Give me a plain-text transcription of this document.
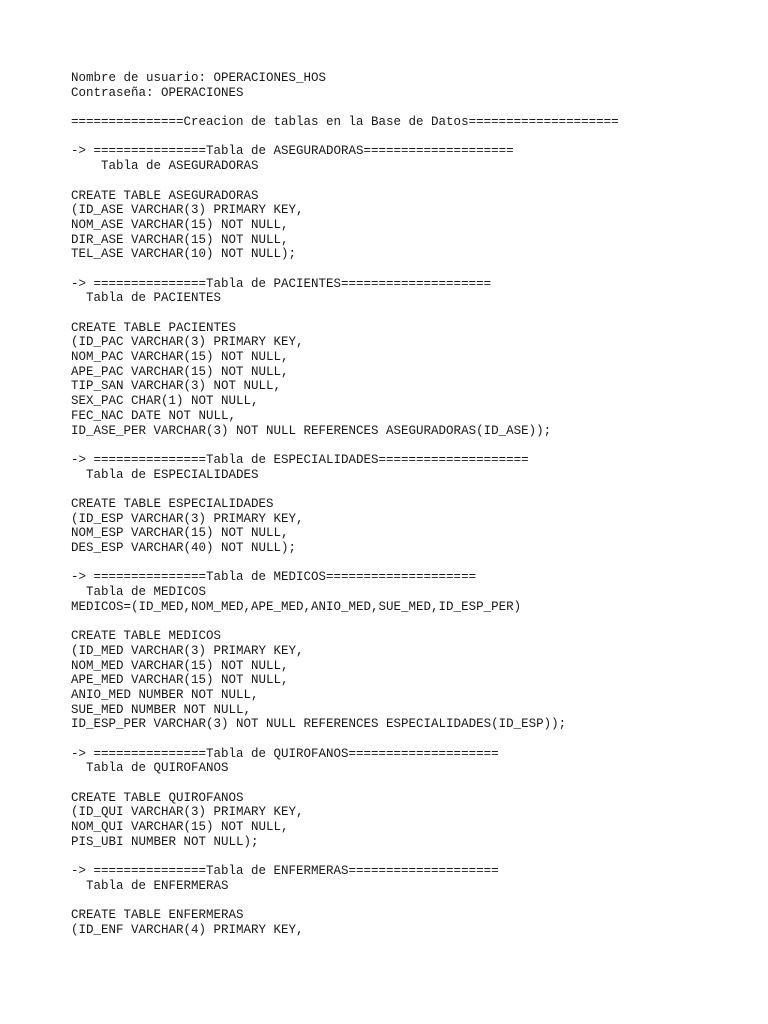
Nombre de usuario: OPERACIONES_HOS
Contraseña: OPERACIONES
===============Creacion de tablas en la Base de Datos====================
-> ===============Tabla de ASEGURADORAS====================
Tabla de ASEGURADORAS
CREATE TABLE ASEGURADORAS
(ID_ASE VARCHAR(3) PRIMARY KEY,
NOM_ASE VARCHAR(15) NOT NULL,
DIR_ASE VARCHAR(15) NOT NULL,
TEL_ASE VARCHAR(10) NOT NULL);
-> ===============Tabla de PACIENTES====================
Tabla de PACIENTES
CREATE TABLE PACIENTES
(ID_PAC VARCHAR(3) PRIMARY KEY,
NOM_PAC VARCHAR(15) NOT NULL,
APE_PAC VARCHAR(15) NOT NULL,
TIP_SAN VARCHAR(3) NOT NULL,
SEX_PAC CHAR(1) NOT NULL,
FEC_NAC DATE NOT NULL,
ID_ASE_PER VARCHAR(3) NOT NULL REFERENCES ASEGURADORAS(ID_ASE));
-> ===============Tabla de ESPECIALIDADES====================
Tabla de ESPECIALIDADES
CREATE TABLE ESPECIALIDADES
(ID_ESP VARCHAR(3) PRIMARY KEY,
NOM_ESP VARCHAR(15) NOT NULL,
DES_ESP VARCHAR(40) NOT NULL);
-> ===============Tabla de MEDICOS====================
Tabla de MEDICOS
MEDICOS=(ID_MED,NOM_MED,APE_MED,ANIO_MED,SUE_MED,ID_ESP_PER)
CREATE TABLE MEDICOS
(ID_MED VARCHAR(3) PRIMARY KEY,
NOM_MED VARCHAR(15) NOT NULL,
APE_MED VARCHAR(15) NOT NULL,
ANIO_MED NUMBER NOT NULL,
SUE_MED NUMBER NOT NULL,
ID_ESP_PER VARCHAR(3) NOT NULL REFERENCES ESPECIALIDADES(ID_ESP));
-> ===============Tabla de QUIROFANOS====================
Tabla de QUIROFANOS
CREATE TABLE QUIROFANOS
(ID_QUI VARCHAR(3) PRIMARY KEY,
NOM_QUI VARCHAR(15) NOT NULL,
PIS_UBI NUMBER NOT NULL);
-> ===============Tabla de ENFERMERAS====================
Tabla de ENFERMERAS
CREATE TABLE ENFERMERAS
(ID_ENF VARCHAR(4) PRIMARY KEY,
